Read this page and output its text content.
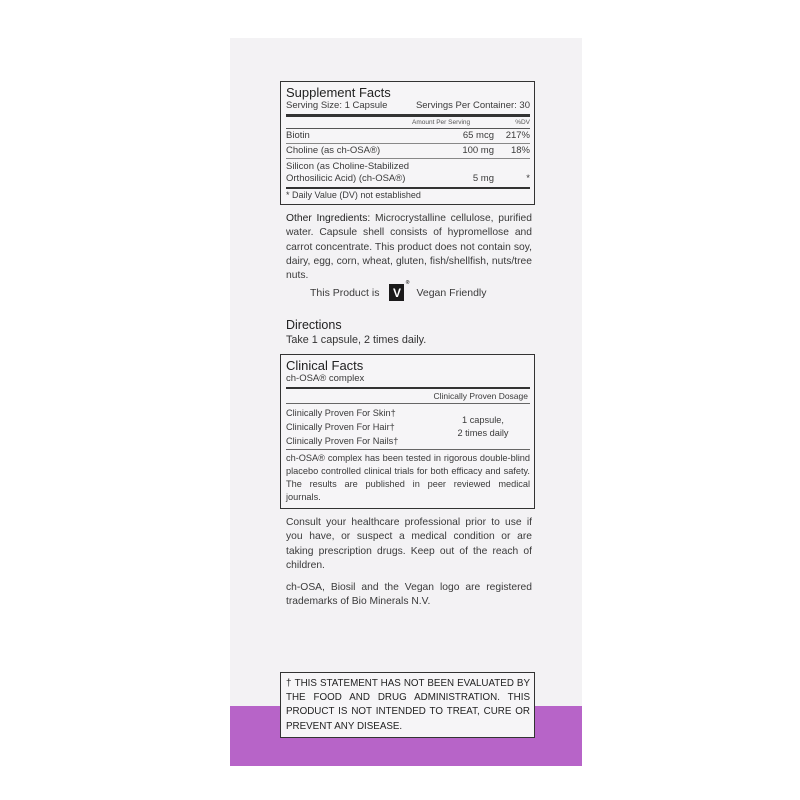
Supplement Facts
Serving Size: 1 Capsule	Servings Per Container: 30
Amount Per Serving	%DV
Biotin	65 mcg	217%
Choline (as ch-OSA®)	100 mg	18%
Silicon (as Choline-Stabilized
Orthosilicic Acid) (ch-OSA®)	5 mg	*
* Daily Value (DV) not established
Other Ingredients: Microcrystalline cellulose, purified water. Capsule shell consists of hypromellose and carrot concentrate. This product does not contain soy, dairy, egg, corn, wheat, gluten, fish/shellfish, nuts/tree nuts.
This Product is V
®
Vegan Friendly
Directions
Take 1 capsule, 2 times daily.
Clinical Facts
ch-OSA® complex
Clinically Proven Dosage
Clinically Proven For Skin†
Clinically Proven For Hair†
Clinically Proven For Nails†
1 capsule,
2 times daily
ch-OSA® complex has been tested in rigorous double-blind placebo controlled clinical trials for both efficacy and safety. The results are published in peer reviewed medical journals.
Consult your healthcare professional prior to use if you have, or suspect a medical condition or are taking prescription drugs. Keep out of the reach of children.
ch-OSA, Biosil and the Vegan logo are registered trademarks of Bio Minerals N.V.
† THIS STATEMENT HAS NOT BEEN EVALUATED BY THE FOOD AND DRUG ADMINISTRATION. THIS PRODUCT IS NOT INTENDED TO TREAT, CURE OR PREVENT ANY DISEASE.
